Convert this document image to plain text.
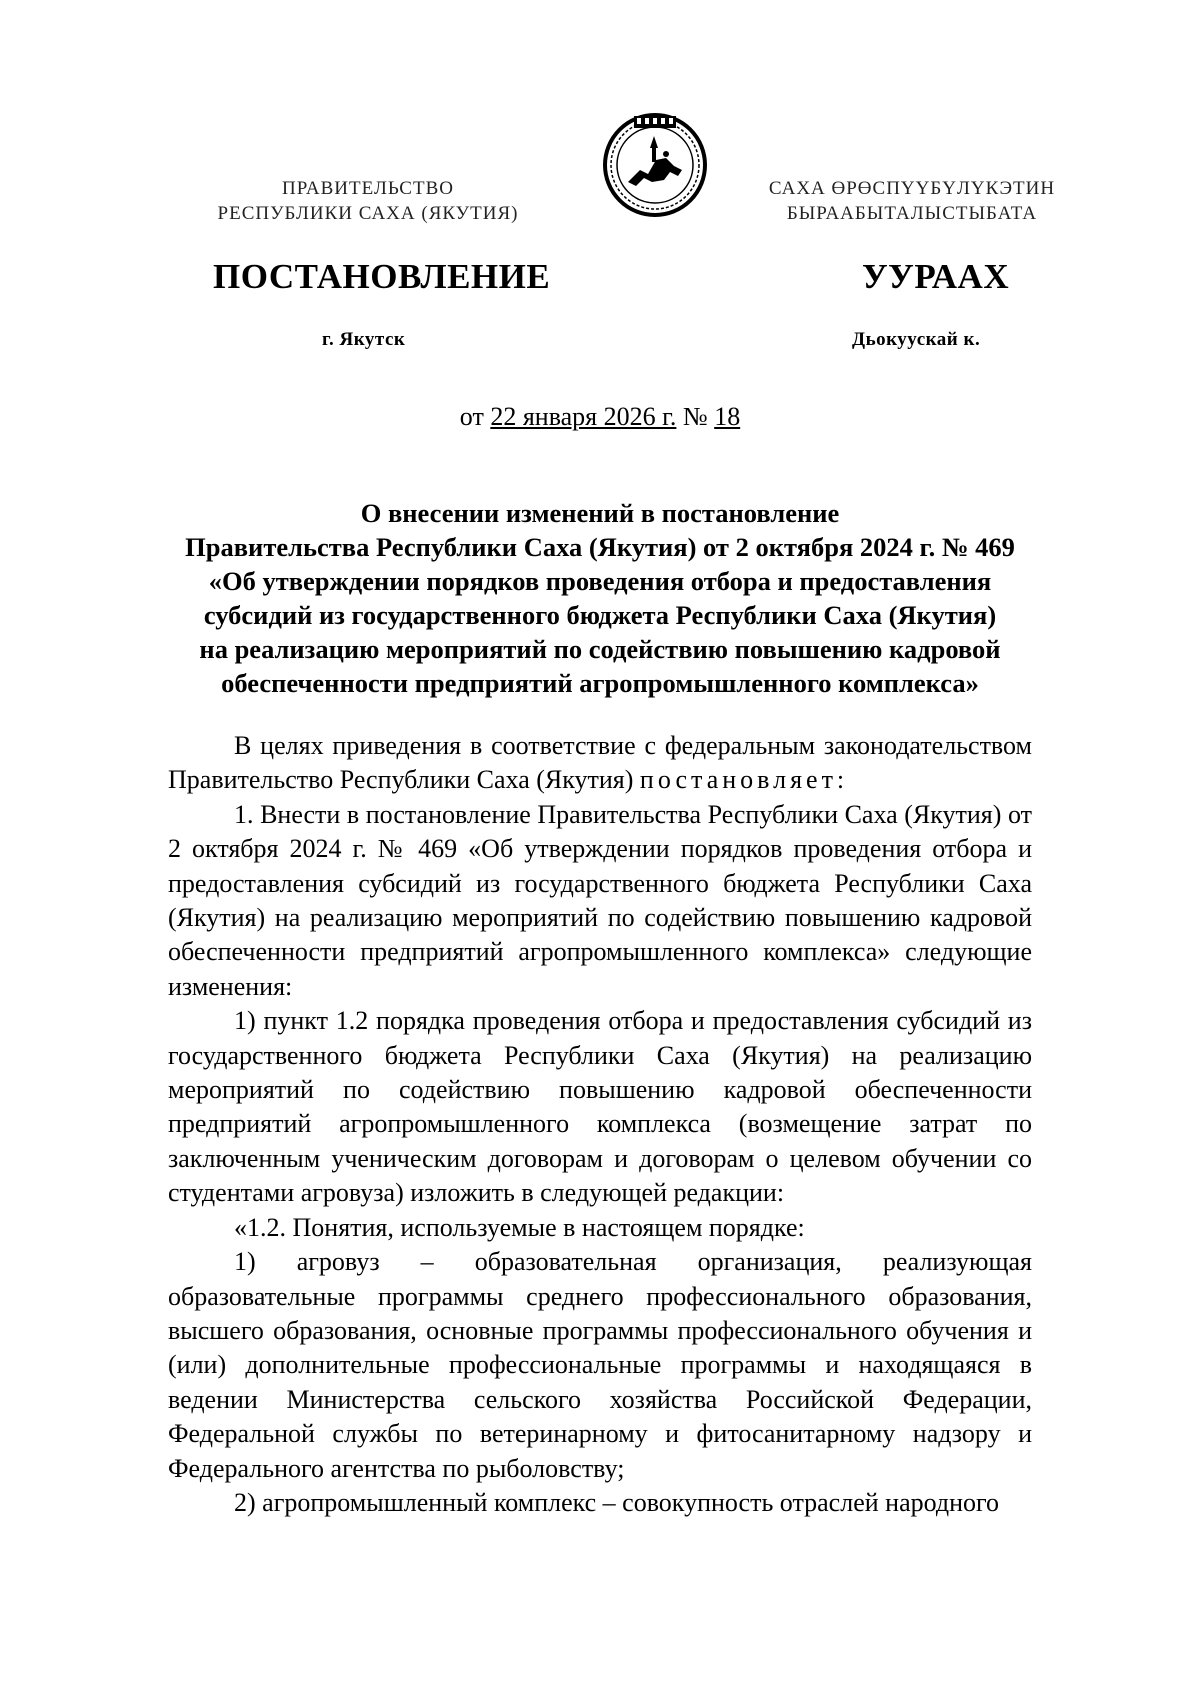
ПРАВИТЕЛЬСТВО
РЕСПУБЛИКИ САХА (ЯКУТИЯ)
САХА ӨРӨСПҮҮБҮЛҮКЭТИН
БЫРААБЫТАЛЫСТЫБАТА
ПОСТАНОВЛЕНИЕ	УУРААХ
г. Якутск	Дьокуускай к.
от 22 января 2026 г. № 18
О внесении изменений в постановление
Правительства Республики Саха (Якутия) от 2 октября 2024 г. № 469
«Об утверждении порядков проведения отбора и предоставления
субсидий из государственного бюджета Республики Саха (Якутия)
на реализацию мероприятий по содействию повышению кадровой
обеспеченности предприятий агропромышленного комплекса»

В целях приведения в соответствие с федеральным законодательством Правительство Республики Саха (Якутия) постановляет:

1. Внести в постановление Правительства Республики Саха (Якутия) от 2 октября 2024 г. № 469 «Об утверждении порядков проведения отбора и предоставления субсидий из государственного бюджета Республики Саха (Якутия) на реализацию мероприятий по содействию повышению кадровой обеспеченности предприятий агропромышленного комплекса» следующие изменения:

1) пункт 1.2 порядка проведения отбора и предоставления субсидий из государственного бюджета Республики Саха (Якутия) на реализацию мероприятий по содействию повышению кадровой обеспеченности предприятий агропромышленного комплекса (возмещение затрат по заключенным ученическим договорам и договорам о целевом обучении со студентами агровуза) изложить в следующей редакции:

«1.2. Понятия, используемые в настоящем порядке:

1) агровуз – образовательная организация, реализующая образовательные программы среднего профессионального образования, высшего образования, основные программы профессионального обучения и (или) дополнительные профессиональные программы и находящаяся в ведении Министерства сельского хозяйства Российской Федерации, Федеральной службы по ветеринарному и фитосанитарному надзору и Федерального агентства по рыболовству;

2) агропромышленный комплекс – совокупность отраслей народного
